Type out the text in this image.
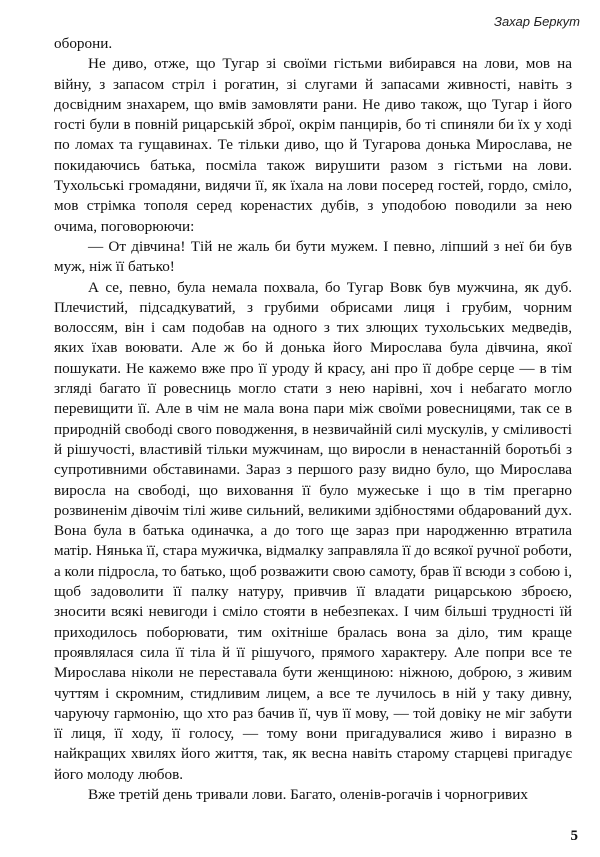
Захар Беркут

оборони.

Не диво, отже, що Тугар зі своїми гістьми вибирався на лови, мов на війну, з запасом стріл і рогатин, зі слугами й запасами живності, навіть з досвідним знахарем, що вмів замовляти рани. Не диво також, що Тугар і його гості були в повній рицарській зброї, окрім панцирів, бо ті спиняли би їх у ході по ломах та гущавинах. Те тільки диво, що й Тугарова донька Мирослава, не покидаючись батька, посміла також вирушити разом з гістьми на лови. Тухольські громадяни, видячи її, як їхала на лови посеред гостей, гордо, сміло, мов стрімка тополя серед коренастих дубів, з уподобою поводили за нею очима, поговорюючи:

— От дівчина! Тій не жаль би бути мужем. І певно, ліпший з неї би був муж, ніж її батько!

А се, певно, була немала похвала, бо Тугар Вовк був мужчина, як дуб. Плечистий, підсадкуватий, з грубими обрисами лиця і грубим, чорним волоссям, він і сам подобав на одного з тих злющих тухольських медведів, яких їхав воювати. Але ж бо й донька його Мирослава була дівчина, якої пошукати. Не кажемо вже про її уроду й красу, ані про її добре серце — в тім зглядi багато її ровесниць могло стати з нею нарівні, хоч і небагато могло перевищити її. Але в чім не мала вона пари між своїми ровесницями, так се в природній свободі свого поводження, в незвичайній силі мускулів, у сміливості й рішучості, властивій тільки мужчинам, що виросли в ненастанній боротьбі з супротивними обставинами. Зараз з першого разу видно було, що Мирослава виросла на свободі, що виховання її було мужеське і що в тім прегарно розвиненім дівочім тілі живе сильний, великими здібностями обдарований дух. Вона була в батька одиначка, а до того ще зараз при народженню втратила матір. Нянька її, стара мужичка, відмалку заправляла її до всякої ручної роботи, а коли підросла, то батько, щоб розважити свою самоту, брав її всюди з собою і, щоб задоволити її палку натуру, привчив її владати рицарською зброєю, зносити всякі невигоди і сміло стояти в небезпеках. І чим більші трудності їй приходилось поборювати, тим охітніше бралась вона за діло, тим краще проявлялася сила її тіла й її рішучого, прямого характеру. Але попри все те Мирослава ніколи не переставала бути женщиною: ніжною, доброю, з живим чуттям і скромним, стидливим лицем, а все те лучилось в ній у таку дивну, чаруючу гармонію, що хто раз бачив її, чув її мову, — той довіку не міг забути її лиця, її ходу, її голосу, — тому вони пригадувалися живо і виразно в найкращих хвилях його життя, так, як весна навіть старому старцеві пригадує його молоду любов.

Вже третій день тривали лови. Багато, оленів-рогачів і чорногривих

5
